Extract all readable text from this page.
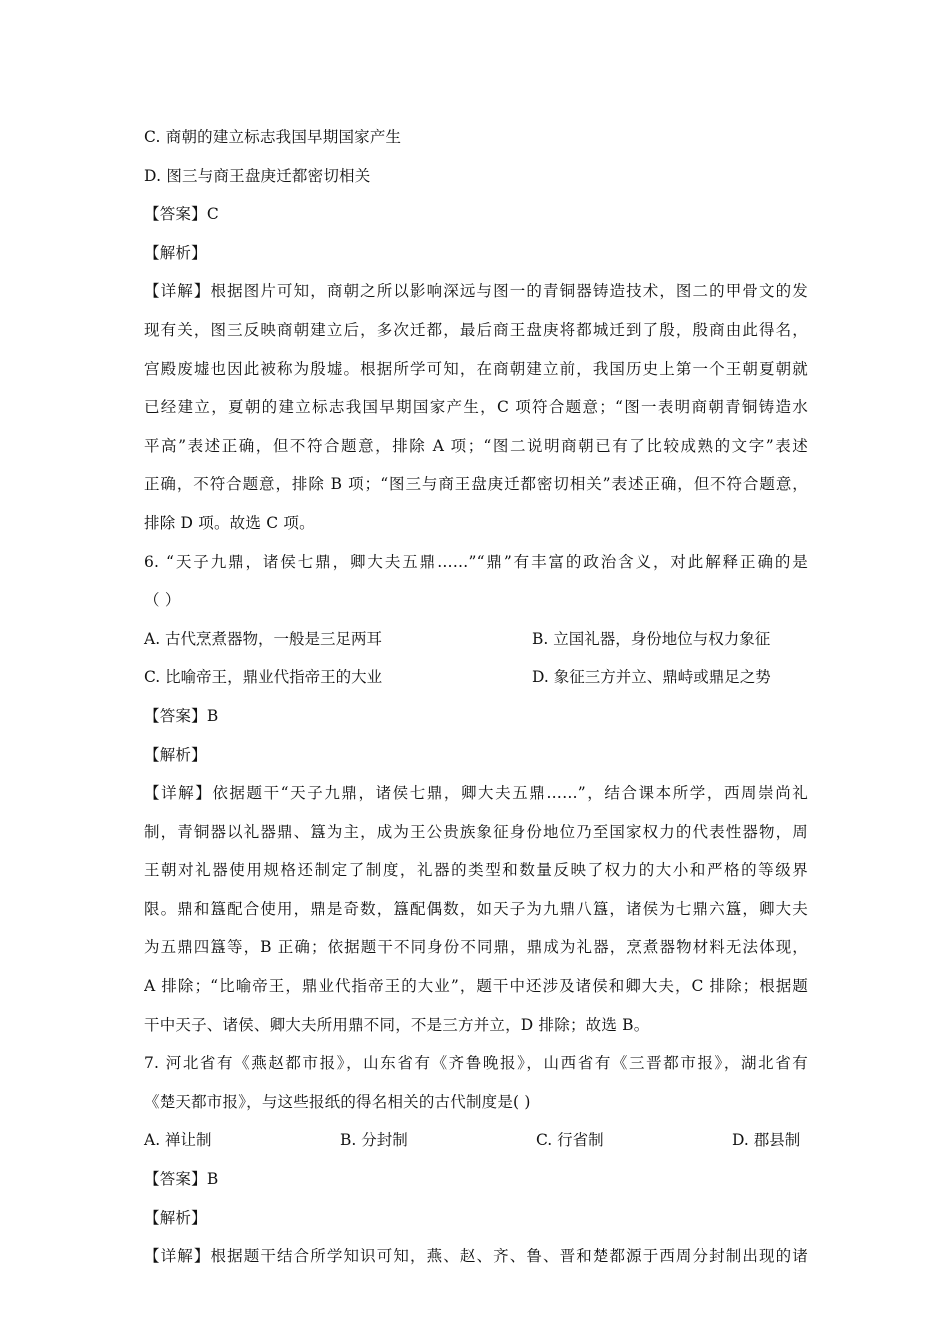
C. 商朝的建立标志我国早期国家产生
D. 图三与商王盘庚迁都密切相关
【答案】C
【解析】
【详解】根据图片可知，商朝之所以影响深远与图一的青铜器铸造技术，图二的甲骨文的发
现有关，图三反映商朝建立后，多次迁都，最后商王盘庚将都城迁到了殷，殷商由此得名，
宫殿废墟也因此被称为殷墟。根据所学可知，在商朝建立前，我国历史上第一个王朝夏朝就
已经建立，夏朝的建立标志我国早期国家产生，C 项符合题意；“图一表明商朝青铜铸造水
平高”表述正确，但不符合题意，排除 A 项；“图二说明商朝已有了比较成熟的文字”表述
正确，不符合题意，排除 B 项；“图三与商王盘庚迁都密切相关”表述正确，但不符合题意，
排除 D 项。故选 C 项。
6. “天子九鼎，诸侯七鼎，卿大夫五鼎……”“鼎”有丰富的政治含义，对此解释正确的是
（ ）
A. 古代烹煮器物，一般是三足两耳	B. 立国礼器，身份地位与权力象征
C. 比喻帝王，鼎业代指帝王的大业	D. 象征三方并立、鼎峙或鼎足之势
【答案】B
【解析】
【详解】依据题干“天子九鼎，诸侯七鼎，卿大夫五鼎……”，结合课本所学，西周崇尚礼
制，青铜器以礼器鼎、簋为主，成为王公贵族象征身份地位乃至国家权力的代表性器物，周
王朝对礼器使用规格还制定了制度，礼器的类型和数量反映了权力的大小和严格的等级界
限。鼎和簋配合使用，鼎是奇数，簋配偶数，如天子为九鼎八簋，诸侯为七鼎六簋，卿大夫
为五鼎四簋等，B 正确；依据题干不同身份不同鼎，鼎成为礼器，烹煮器物材料无法体现，
A 排除；“比喻帝王，鼎业代指帝王的大业”，题干中还涉及诸侯和卿大夫，C 排除；根据题
干中天子、诸侯、卿大夫所用鼎不同，不是三方并立，D 排除；故选 B。
7. 河北省有《燕赵都市报》，山东省有《齐鲁晚报》，山西省有《三晋都市报》，湖北省有
《楚天都市报》，与这些报纸的得名相关的古代制度是( )
A. 禅让制	B. 分封制	C. 行省制	D. 郡县制
【答案】B
【解析】
【详解】根据题干结合所学知识可知，燕、赵、齐、鲁、晋和楚都源于西周分封制出现的诸
